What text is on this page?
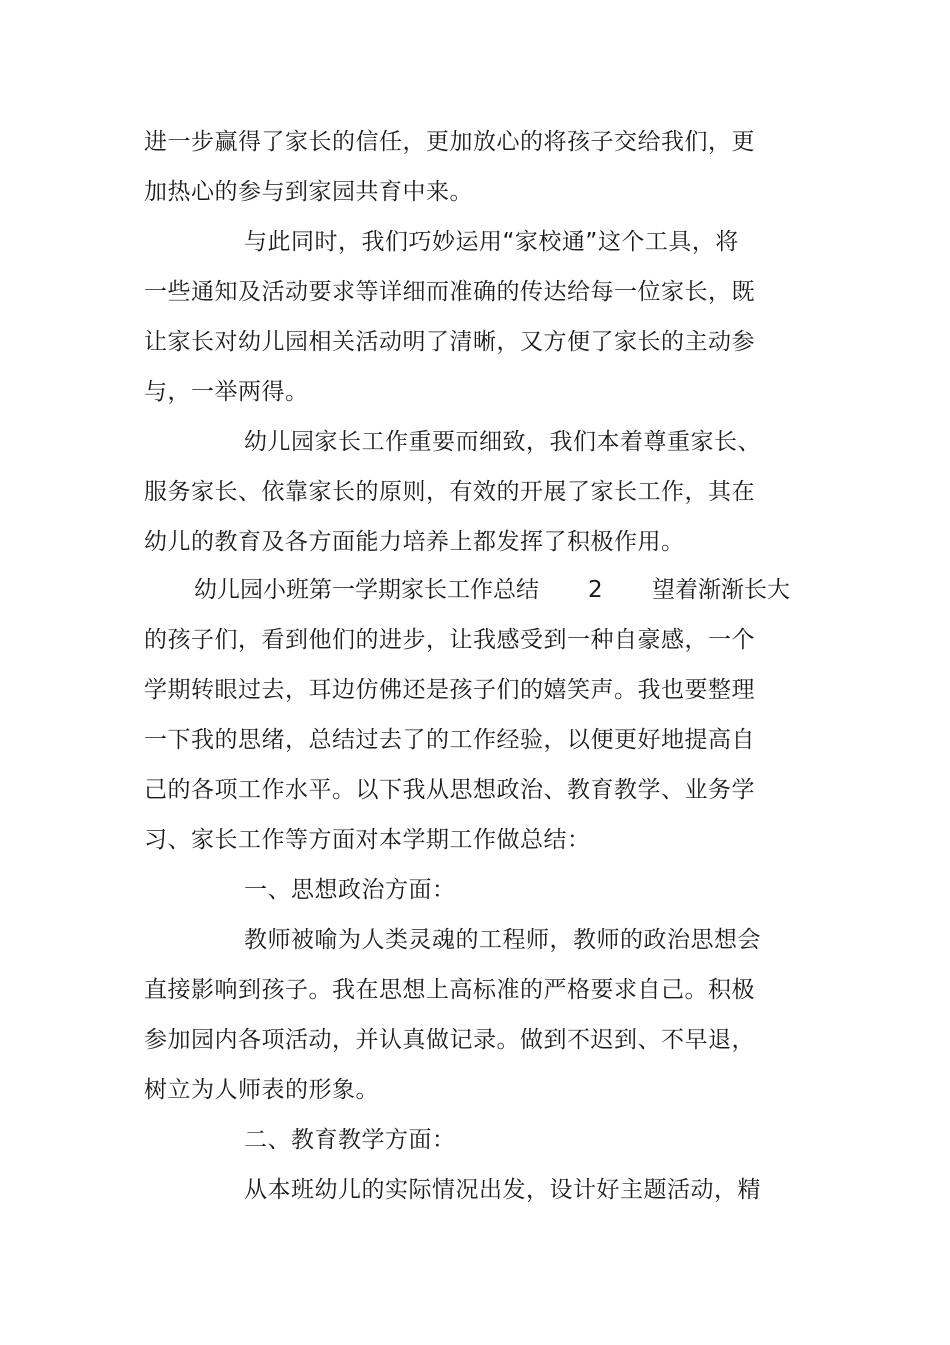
进一步赢得了家长的信任，更加放心的将孩子交给我们，更
加热心的参与到家园共育中来。
与此同时，我们巧妙运用“家校通”这个工具，将
一些通知及活动要求等详细而准确的传达给每一位家长，既
让家长对幼儿园相关活动明了清晰，又方便了家长的主动参
与，一举两得。
幼儿园家长工作重要而细致，我们本着尊重家长、
服务家长、依靠家长的原则，有效的开展了家长工作，其在
幼儿的教育及各方面能力培养上都发挥了积极作用。
幼儿园小班第一学期家长工作总结 2 望着渐渐长大
的孩子们，看到他们的进步，让我感受到一种自豪感，一个
学期转眼过去，耳边仿佛还是孩子们的嬉笑声。我也要整理
一下我的思绪，总结过去了的工作经验，以便更好地提高自
己的各项工作水平。以下我从思想政治、教育教学、业务学
习、家长工作等方面对本学期工作做总结：
一、思想政治方面：
教师被喻为人类灵魂的工程师，教师的政治思想会
直接影响到孩子。我在思想上高标准的严格要求自己。积极
参加园内各项活动，并认真做记录。做到不迟到、不早退，
树立为人师表的形象。
二、教育教学方面：
从本班幼儿的实际情况出发，设计好主题活动，精
